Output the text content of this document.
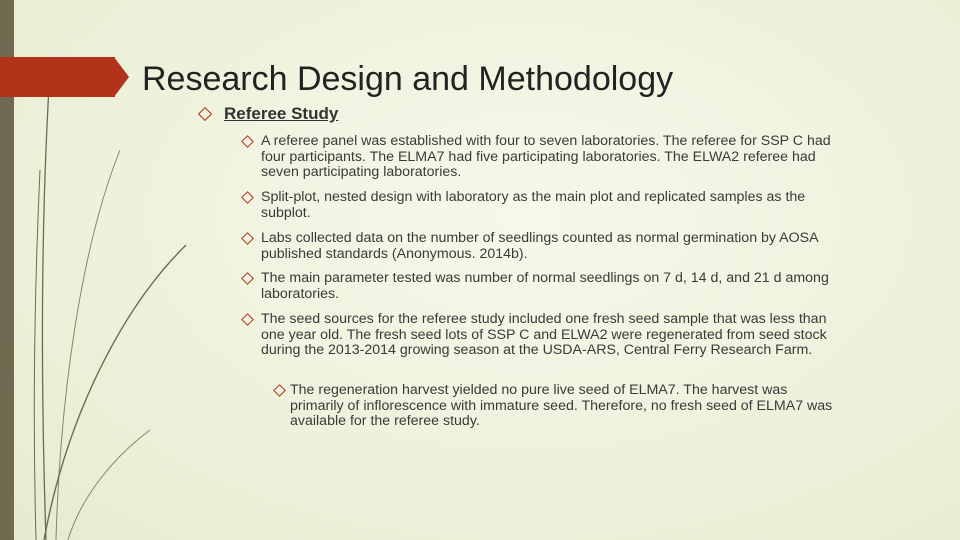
Research Design and Methodology
Referee Study
A referee panel was established with four to seven laboratories. The referee for SSP C had four participants. The ELMA7 had five participating laboratories. The ELWA2 referee had seven participating laboratories.
Split-plot, nested design with laboratory as the main plot and replicated samples as the subplot.
Labs collected data on the number of seedlings counted as normal germination by AOSA published standards (Anonymous. 2014b).
The main parameter tested was number of normal seedlings on 7 d, 14 d, and 21 d among laboratories.
The seed sources for the referee study included one fresh seed sample that was less than one year old. The fresh seed lots of SSP C and ELWA2 were regenerated from seed stock during the 2013-2014 growing season at the USDA-ARS, Central Ferry Research Farm.
The regeneration harvest yielded no pure live seed of ELMA7. The harvest was primarily of inflorescence with immature seed. Therefore, no fresh seed of ELMA7 was available for the referee study.
